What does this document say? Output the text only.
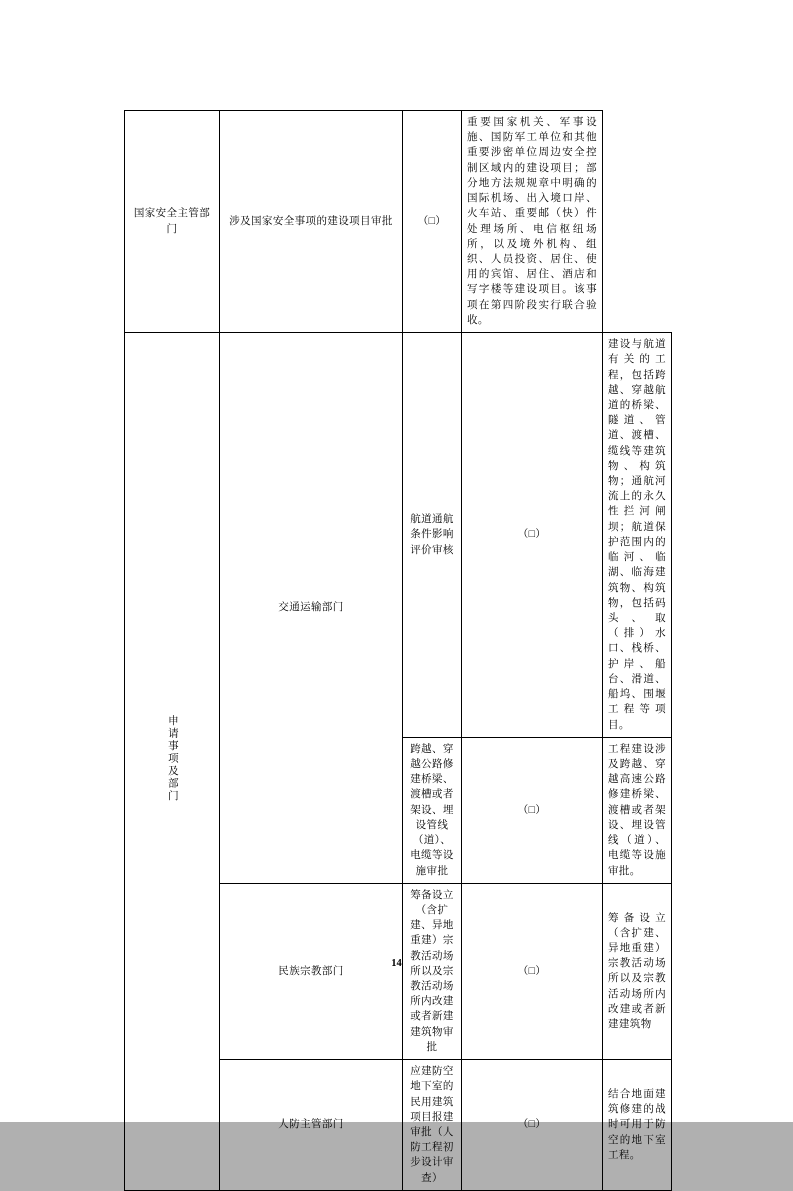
国家安全主管部门	涉及国家安全事项的建设项目审批	（□）	重要国家机关、军事设施、国防军工单位和其他重要涉密单位周边安全控制区域内的建设项目；部分地方法规规章中明确的国际机场、出入境口岸、火车站、重要邮（快）件处理场所、电信枢纽场所，以及境外机构、组织、人员投资、居住、使用的宾馆、居住、酒店和写字楼等建设项目。该事项在第四阶段实行联合验收。	

申请事项及部门	交通运输部门	航道通航条件影响评价审核	（□）	建设与航道有关的工程，包括跨越、穿越航道的桥梁、隧道、管道、渡槽、缆线等建筑物、构筑物；通航河流上的永久性拦河闸坝；航道保护范围内的临河、临湖、临海建筑物、构筑物，包括码头、取（排）水口、栈桥、护岸、船台、滑道、船坞、围堰工程等项目。

		跨越、穿越公路修建桥梁、渡槽或者架设、埋设管线（道）、电缆等设施审批	（□）	工程建设涉及跨越、穿越高速公路修建桥梁、渡槽或者架设、埋设管线（道）、电缆等设施审批。

	民族宗教部门	筹备设立（含扩建、异地重建）宗教活动场所以及宗教活动场所内改建或者新建建筑物审批	（□）	筹备设立（含扩建、异地重建）宗教活动场所以及宗教活动场所内改建或者新建建筑物

	人防主管部门	应建防空地下室的民用建筑项目报建审批（人防工程初步设计审查）	（□）	结合地面建筑修建的战时可用于防空的地下室工程。
14
